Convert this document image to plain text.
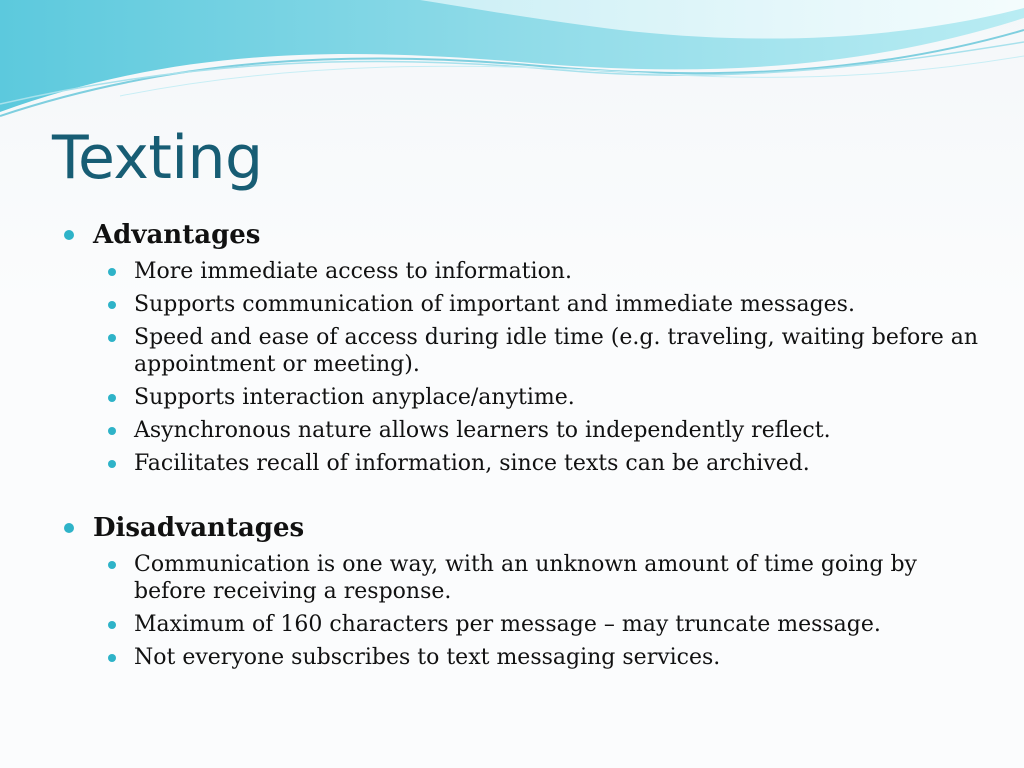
Texting
Advantages
More immediate access to information.
Supports communication of important and immediate messages.
Speed and ease of access during idle time (e.g. traveling, waiting before an appointment or meeting).
Supports interaction anyplace/anytime.
Asynchronous nature allows learners to independently reflect.
Facilitates recall of information, since texts can be archived.
Disadvantages
Communication is one way, with an unknown amount of time going by before receiving a response.
Maximum of 160 characters per message – may truncate message.
Not everyone subscribes to text messaging services.
